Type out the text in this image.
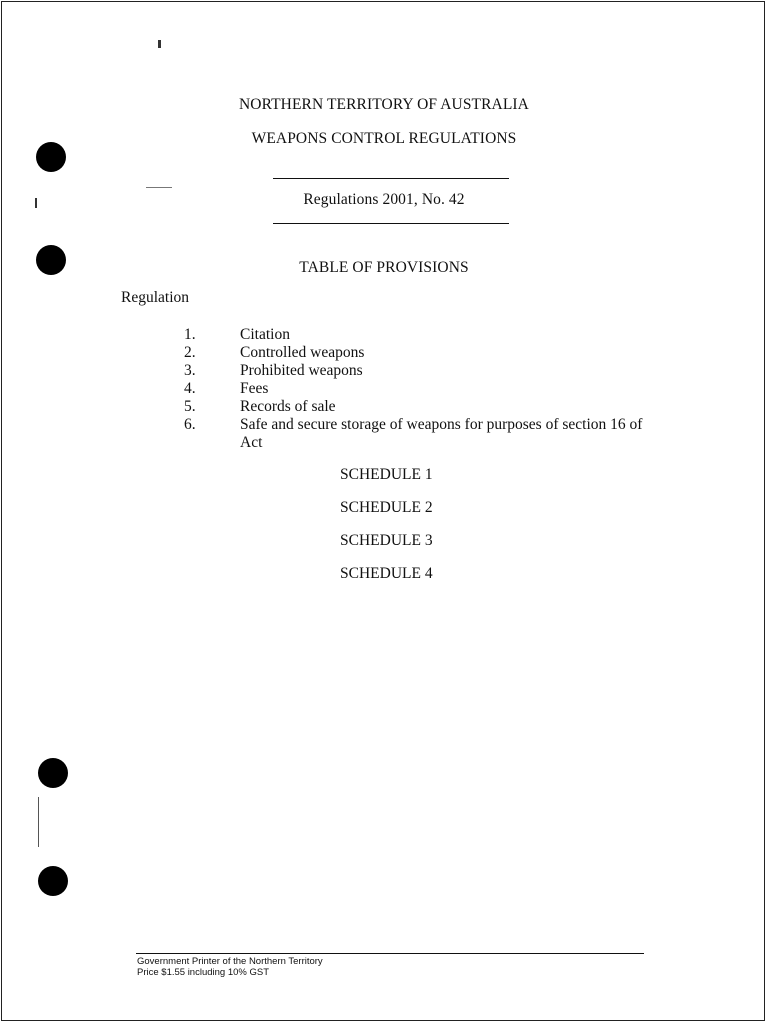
NORTHERN TERRITORY OF AUSTRALIA
WEAPONS CONTROL REGULATIONS
Regulations 2001, No. 42
TABLE OF PROVISIONS
Regulation
1.	Citation
2.	Controlled weapons
3.	Prohibited weapons
4.	Fees
5.	Records of sale
6.	Safe and secure storage of weapons for purposes of section 16 of Act
SCHEDULE 1
SCHEDULE 2
SCHEDULE 3
SCHEDULE 4
Government Printer of the Northern Territory
Price $1.55 including 10% GST
